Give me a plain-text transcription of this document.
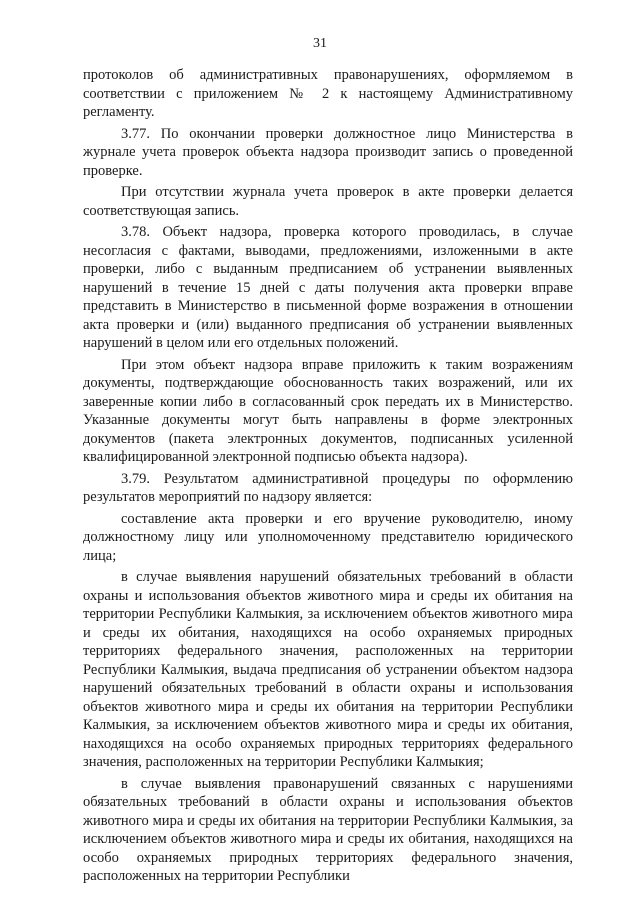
31

протоколов об административных правонарушениях, оформляемом в соответствии с приложением № 2 к настоящему Административному регламенту.

3.77. По окончании проверки должностное лицо Министерства в журнале учета проверок объекта надзора производит запись о проведенной проверке.

При отсутствии журнала учета проверок в акте проверки делается соответствующая запись.

3.78. Объект надзора, проверка которого проводилась, в случае несогласия с фактами, выводами, предложениями, изложенными в акте проверки, либо с выданным предписанием об устранении выявленных нарушений в течение 15 дней с даты получения акта проверки вправе представить в Министерство в письменной форме возражения в отношении акта проверки и (или) выданного предписания об устранении выявленных нарушений в целом или его отдельных положений.

При этом объект надзора вправе приложить к таким возражениям документы, подтверждающие обоснованность таких возражений, или их заверенные копии либо в согласованный срок передать их в Министерство. Указанные документы могут быть направлены в форме электронных документов (пакета электронных документов, подписанных усиленной квалифицированной электронной подписью объекта надзора).

3.79. Результатом административной процедуры по оформлению результатов мероприятий по надзору является:

составление акта проверки и его вручение руководителю, иному должностному лицу или уполномоченному представителю юридического лица;

в случае выявления нарушений обязательных требований в области охраны и использования объектов животного мира и среды их обитания на территории Республики Калмыкия, за исключением объектов животного мира и среды их обитания, находящихся на особо охраняемых природных территориях федерального значения, расположенных на территории Республики Калмыкия, выдача предписания об устранении объектом надзора нарушений обязательных требований в области охраны и использования объектов животного мира и среды их обитания на территории Республики Калмыкия, за исключением объектов животного мира и среды их обитания, находящихся на особо охраняемых природных территориях федерального значения, расположенных на территории Республики Калмыкия;

в случае выявления правонарушений связанных с нарушениями обязательных требований в области охраны и использования объектов животного мира и среды их обитания на территории Республики Калмыкия, за исключением объектов животного мира и среды их обитания, находящихся на особо охраняемых природных территориях федерального значения, расположенных на территории Республики
